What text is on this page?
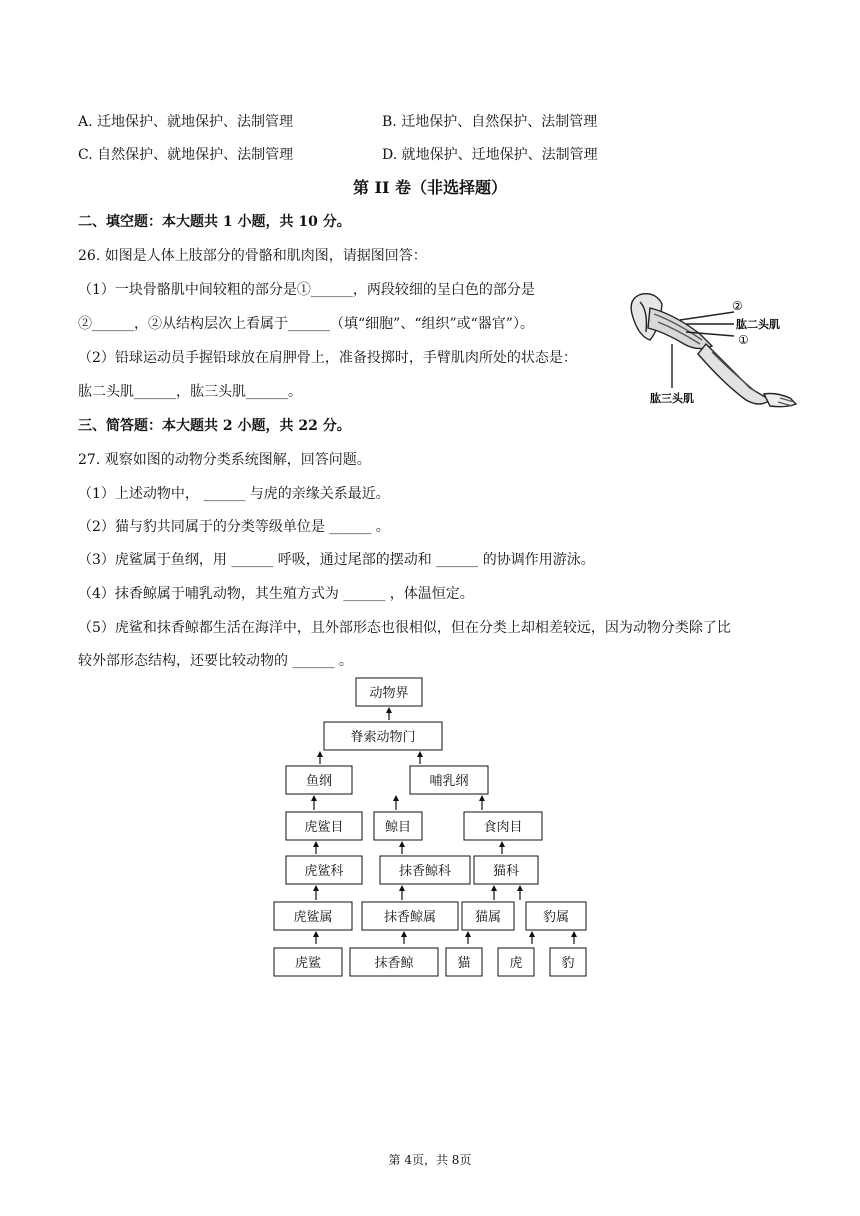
A. 迁地保护、就地保护、法制管理	B. 迁地保护、自然保护、法制管理
C. 自然保护、就地保护、法制管理	D. 就地保护、迁地保护、法制管理
第 II 卷（非选择题）
二、填空题：本大题共 1 小题，共 10 分。
26. 如图是人体上肢部分的骨骼和肌肉图，请据图回答：
（1）一块骨骼肌中间较粗的部分是①______，两段较细的呈白色的部分是
②______，②从结构层次上看属于______（填“细胞”、“组织”或“器官”）。
（2）铅球运动员手握铅球放在肩胛骨上，准备投掷时，手臂肌肉所处的状态是：
肱二头肌______，肱三头肌______。
②
肱二头肌
①
肱三头肌
三、简答题：本大题共 2 小题，共 22 分。
27. 观察如图的动物分类系统图解，回答问题。
（1）上述动物中， ______ 与虎的亲缘关系最近。
（2）猫与豹共同属于的分类等级单位是 ______ 。
（3）虎鲨属于鱼纲，用 ______ 呼吸，通过尾部的摆动和 ______ 的协调作用游泳。
（4）抹香鲸属于哺乳动物，其生殖方式为 ______ ，体温恒定。
（5）虎鲨和抹香鲸都生活在海洋中，且外部形态也很相似，但在分类上却相差较远，因为动物分类除了比
较外部形态结构，还要比较动物的 ______ 。
动物界
脊索动物门
鱼纲	哺乳纲
虎鲨目	鲸目	食肉目
虎鲨科	抹香鲸科	猫科
虎鲨属	抹香鲸属	猫属	豹属
虎鲨	抹香鲸	猫	虎	豹
第 4页，共 8页
